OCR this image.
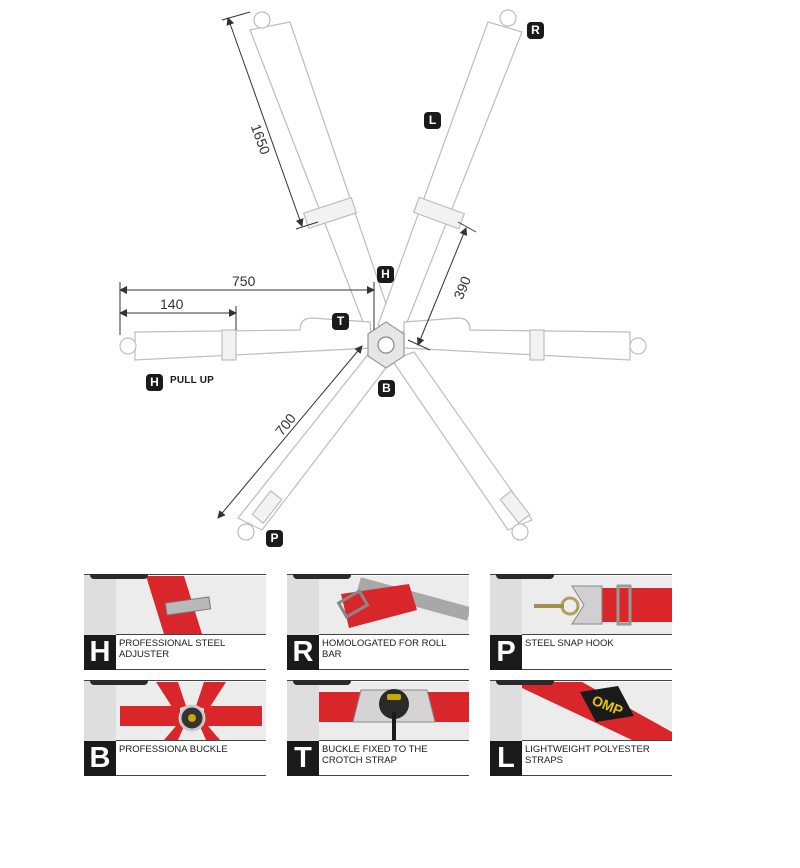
1650
750
140
390
700
R
L
H
T
B
H	PULL UP
P
H PROFESSIONAL STEEL ADJUSTER	R HOMOLOGATED FOR ROLL BAR	P STEEL SNAP HOOK
B PROFESSIONA BUCKLE	T	BUCKLE FIXED TO THE CROTCH STRAP
OMP
L	LIGHTWEIGHT POLYESTER STRAPS
